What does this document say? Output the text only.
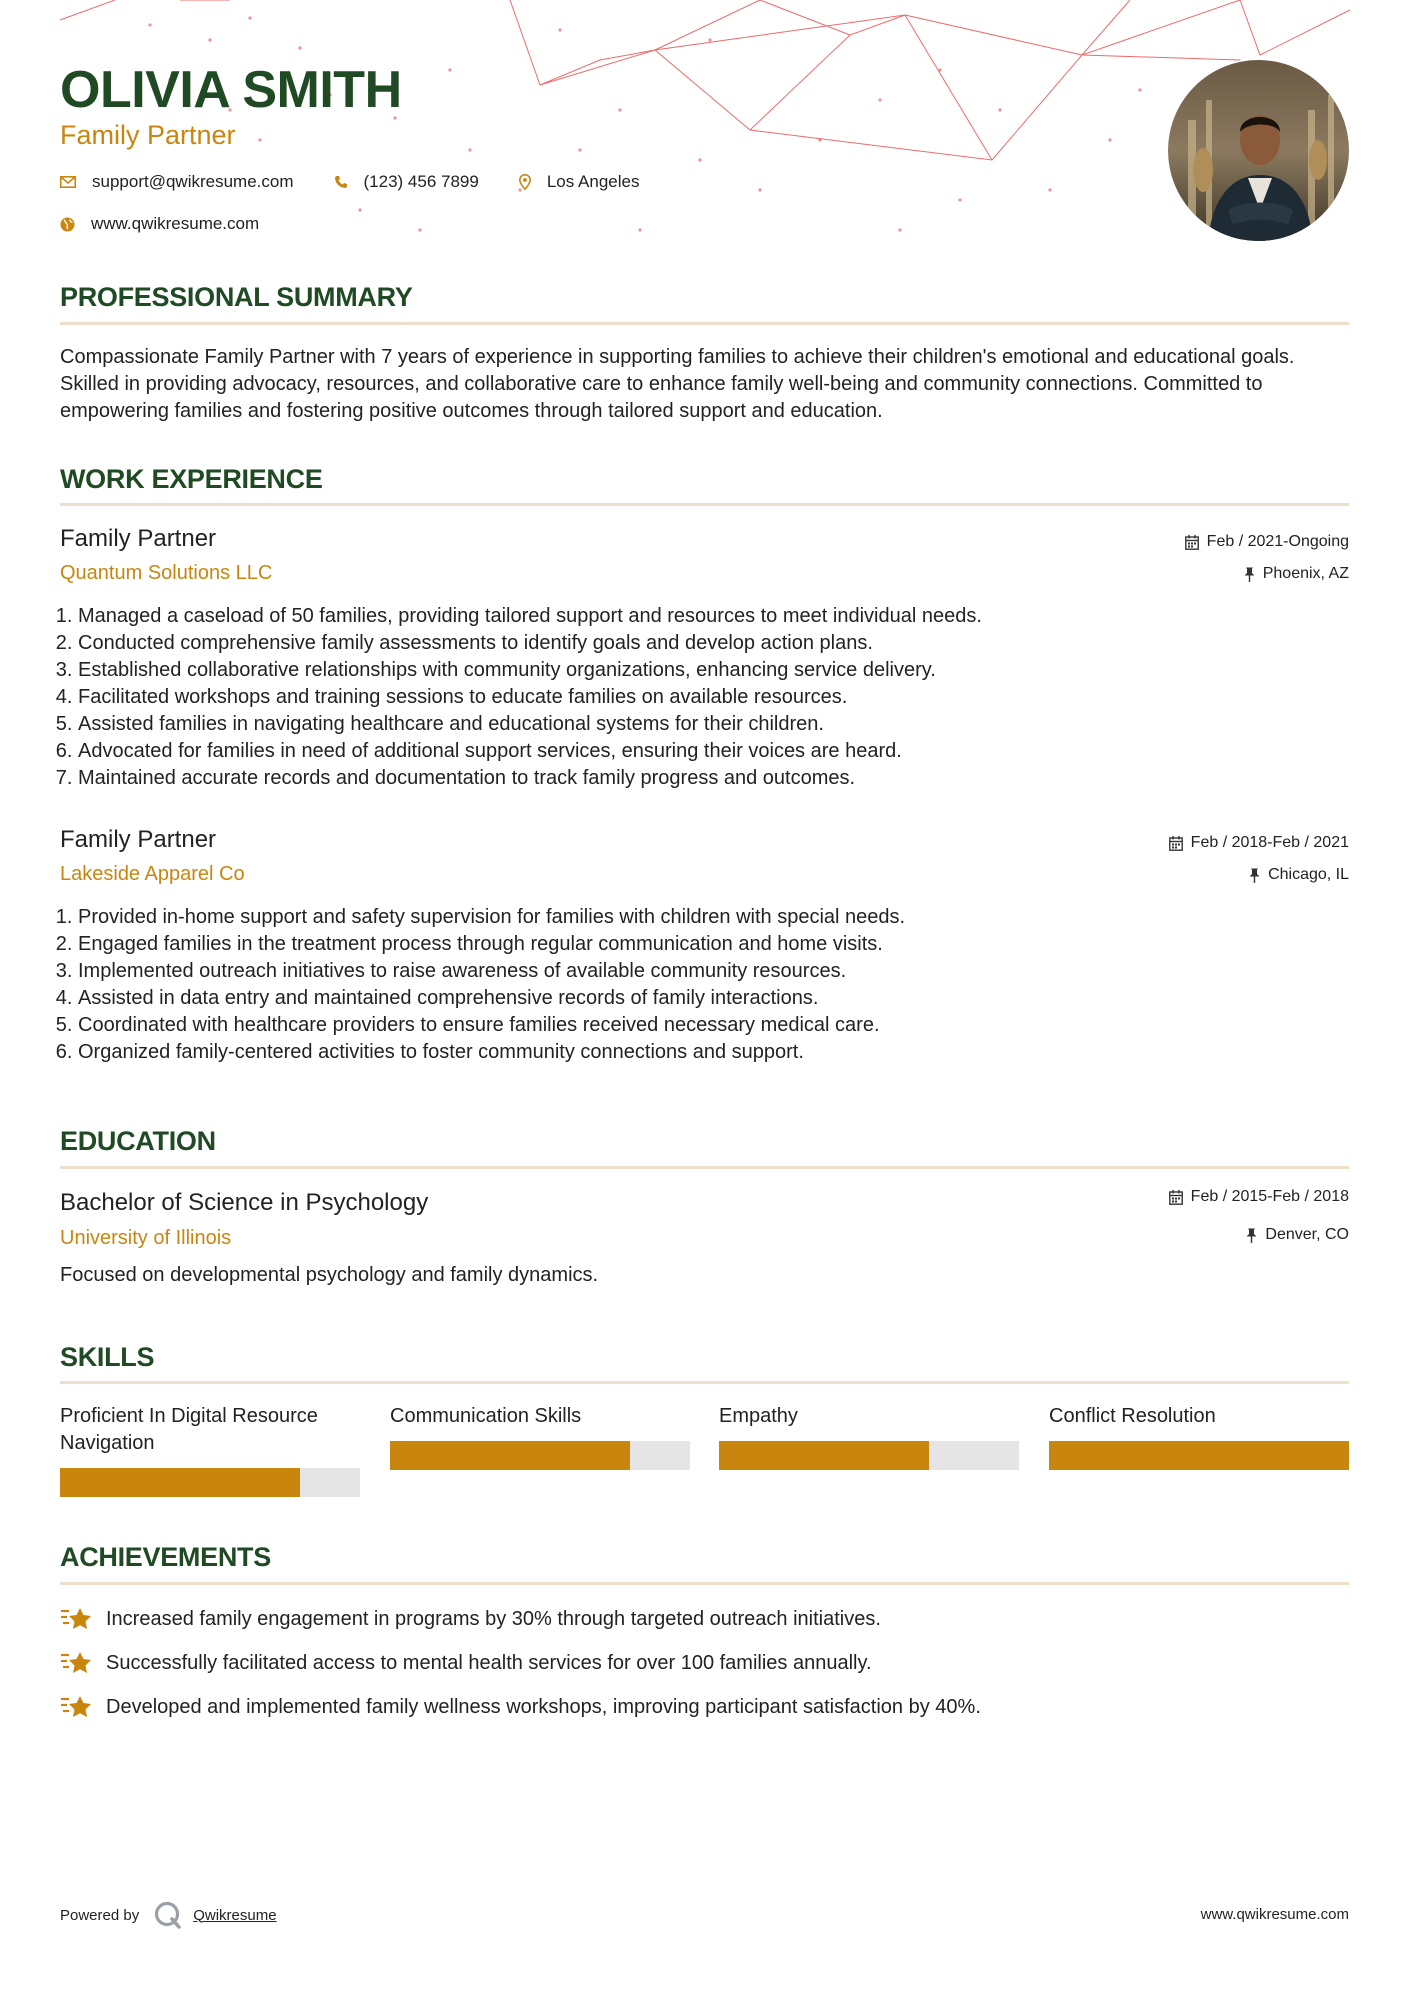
OLIVIA SMITH
Family Partner
support@qwikresume.com	(123) 456 7899	Los Angeles
www.qwikresume.com
PROFESSIONAL SUMMARY
Compassionate Family Partner with 7 years of experience in supporting families to achieve their children's emotional and educational goals. Skilled in providing advocacy, resources, and collaborative care to enhance family well-being and community connections. Committed to empowering families and fostering positive outcomes through tailored support and education.
WORK EXPERIENCE
Family Partner
Quantum Solutions LLC
Feb / 2021-Ongoing
Phoenix, AZ
1. Managed a caseload of 50 families, providing tailored support and resources to meet individual needs.
2. Conducted comprehensive family assessments to identify goals and develop action plans.
3. Established collaborative relationships with community organizations, enhancing service delivery.
4. Facilitated workshops and training sessions to educate families on available resources.
5. Assisted families in navigating healthcare and educational systems for their children.
6. Advocated for families in need of additional support services, ensuring their voices are heard.
7. Maintained accurate records and documentation to track family progress and outcomes.
Family Partner
Lakeside Apparel Co
Feb / 2018-Feb / 2021
Chicago, IL
1. Provided in-home support and safety supervision for families with children with special needs.
2. Engaged families in the treatment process through regular communication and home visits.
3. Implemented outreach initiatives to raise awareness of available community resources.
4. Assisted in data entry and maintained comprehensive records of family interactions.
5. Coordinated with healthcare providers to ensure families received necessary medical care.
6. Organized family-centered activities to foster community connections and support.
EDUCATION
Bachelor of Science in Psychology
University of Illinois
Feb / 2015-Feb / 2018
Denver, CO
Focused on developmental psychology and family dynamics.
SKILLS
Proficient In Digital Resource Navigation
Communication Skills	Empathy	Conflict Resolution
ACHIEVEMENTS
Increased family engagement in programs by 30% through targeted outreach initiatives.
Successfully facilitated access to mental health services for over 100 families annually.
Developed and implemented family wellness workshops, improving participant satisfaction by 40%.
Powered by	Qwikresume	www.qwikresume.com
